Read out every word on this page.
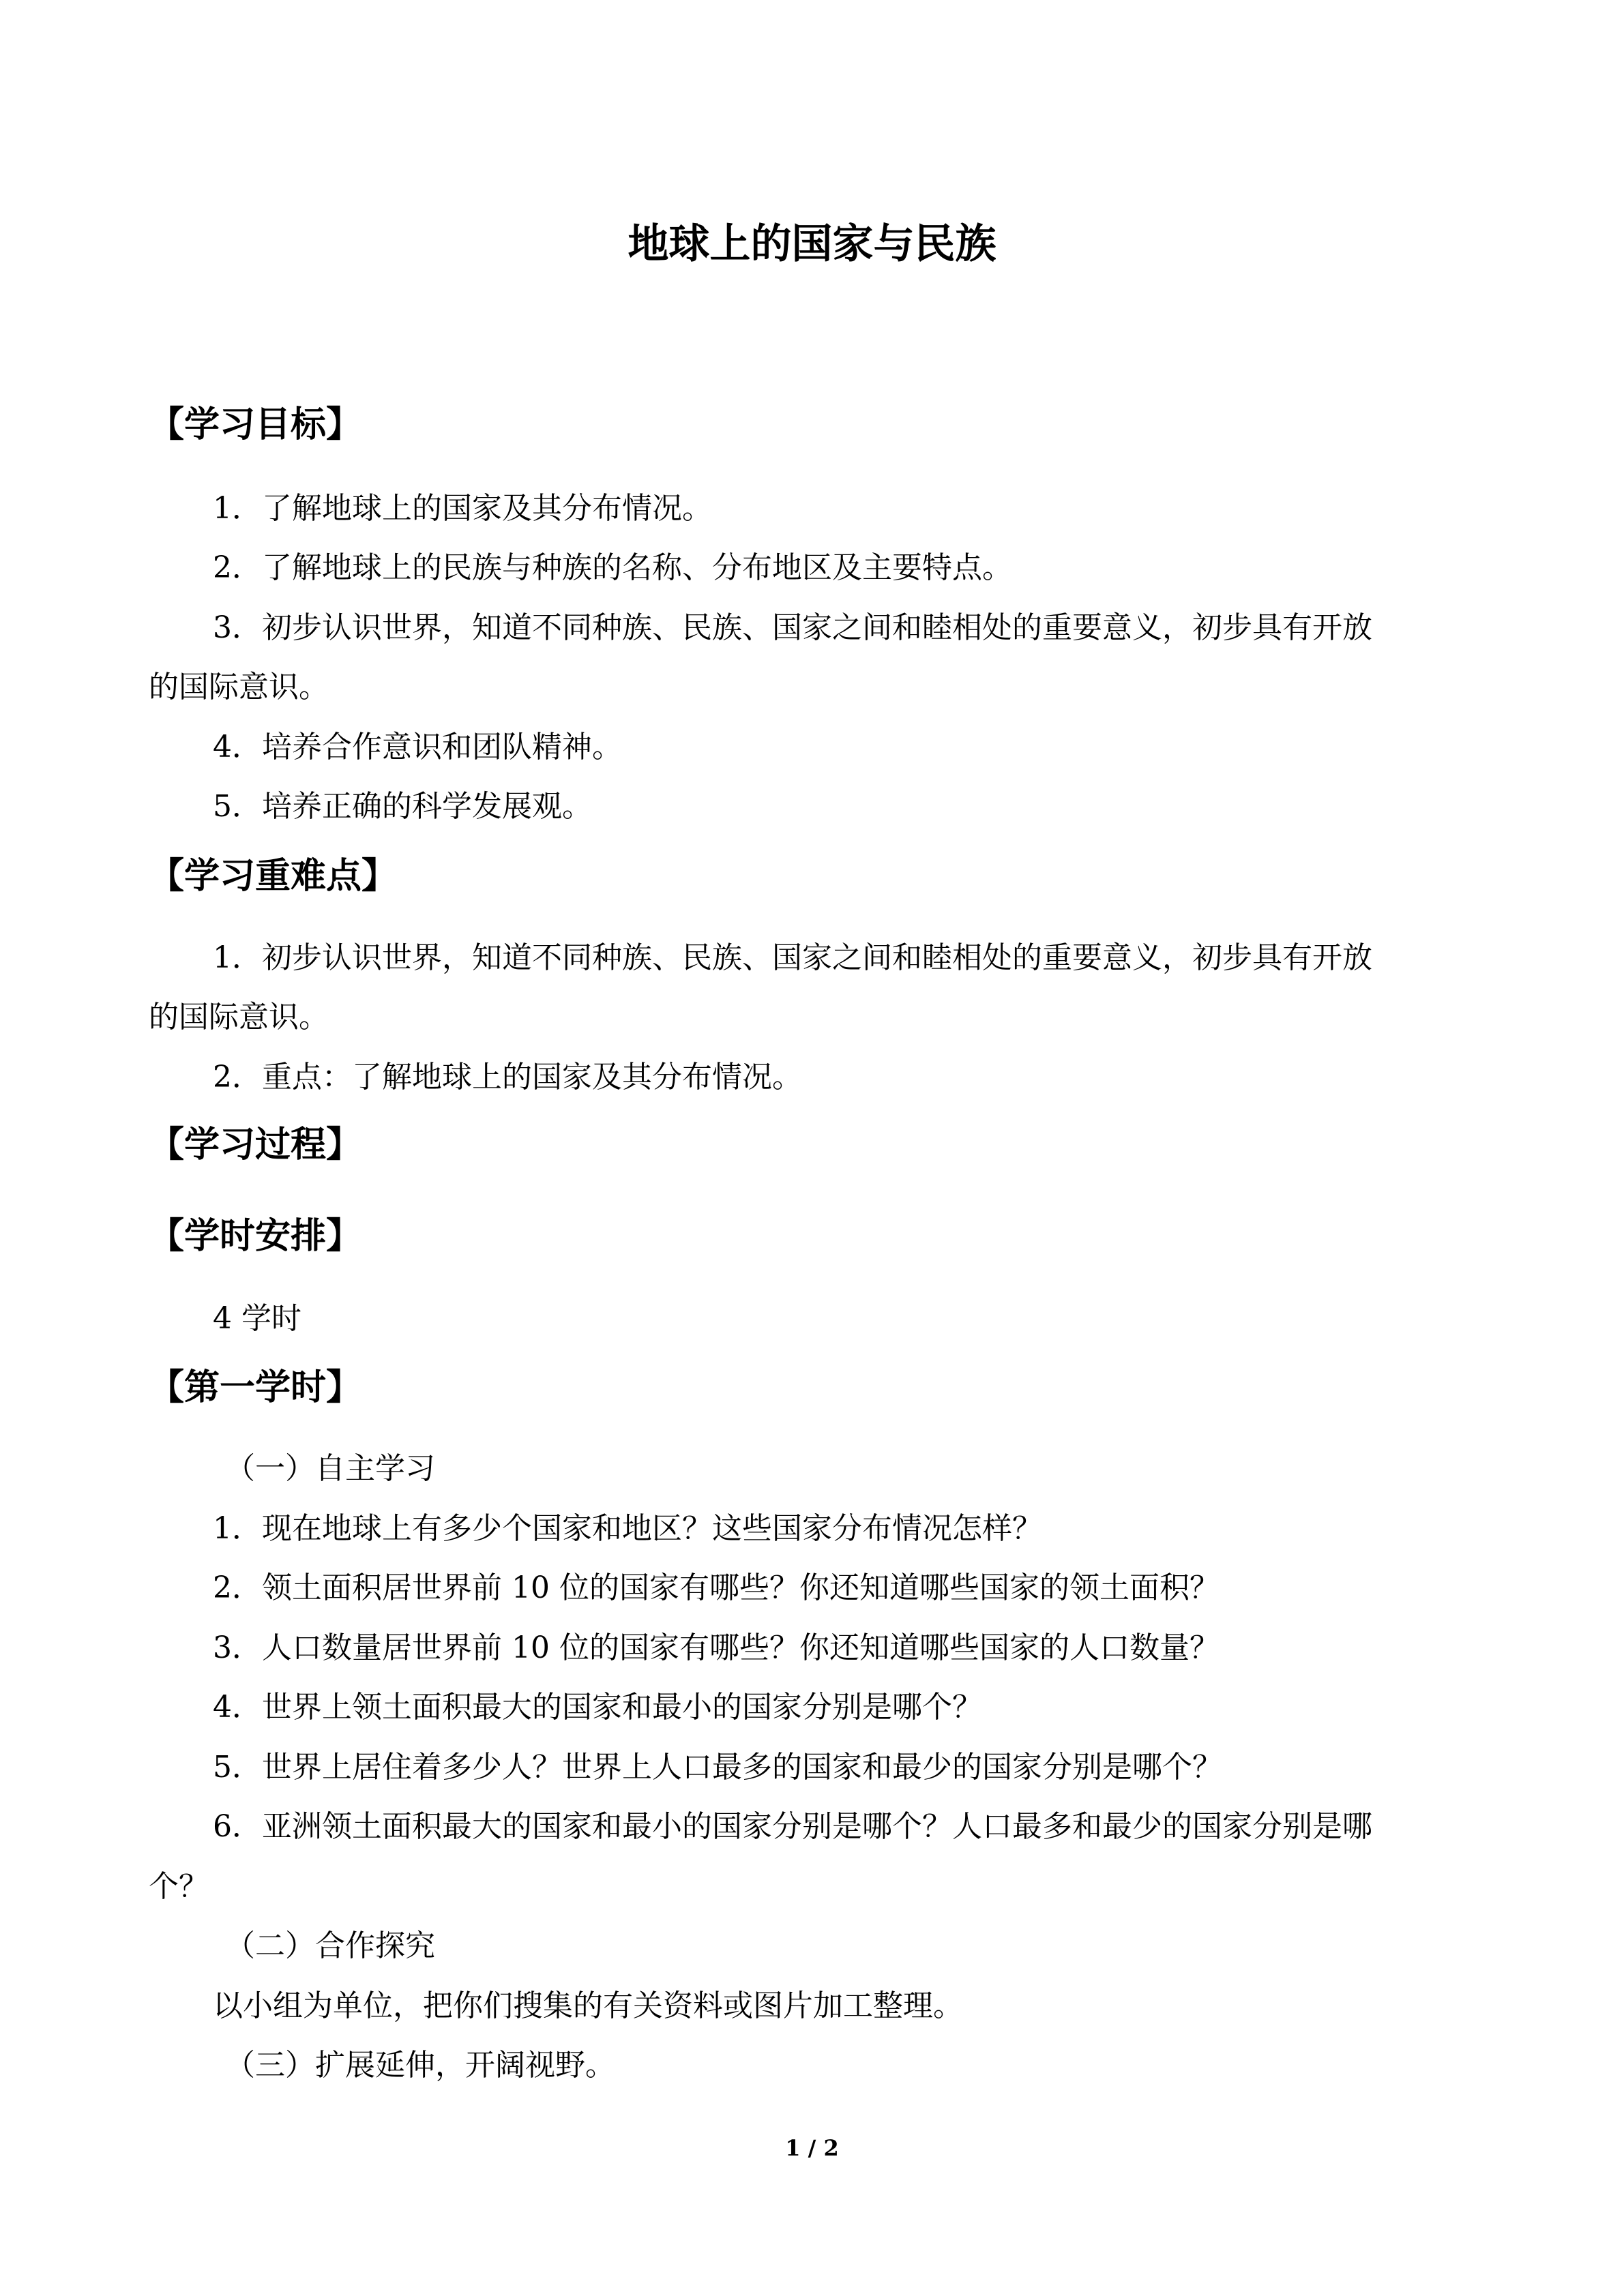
地球上的国家与民族
【学习目标】

1．了解地球上的国家及其分布情况。

2．了解地球上的民族与种族的名称、分布地区及主要特点。

3．初步认识世界，知道不同种族、民族、国家之间和睦相处的重要意义，初步具有开放

的国际意识。

4．培养合作意识和团队精神。

5．培养正确的科学发展观。

【学习重难点】

1．初步认识世界，知道不同种族、民族、国家之间和睦相处的重要意义，初步具有开放

的国际意识。

2．重点：了解地球上的国家及其分布情况。

【学习过程】
【学时安排】

4 学时

【第一学时】

（一）自主学习

1．现在地球上有多少个国家和地区？这些国家分布情况怎样？

2．领土面积居世界前 10 位的国家有哪些？你还知道哪些国家的领土面积？

3．人口数量居世界前 10 位的国家有哪些？你还知道哪些国家的人口数量？

4．世界上领土面积最大的国家和最小的国家分别是哪个？

5．世界上居住着多少人？世界上人口最多的国家和最少的国家分别是哪个？

6．亚洲领土面积最大的国家和最小的国家分别是哪个？人口最多和最少的国家分别是哪

个？

（二）合作探究

以小组为单位，把你们搜集的有关资料或图片加工整理。

（三）扩展延伸，开阔视野。

1 / 2
